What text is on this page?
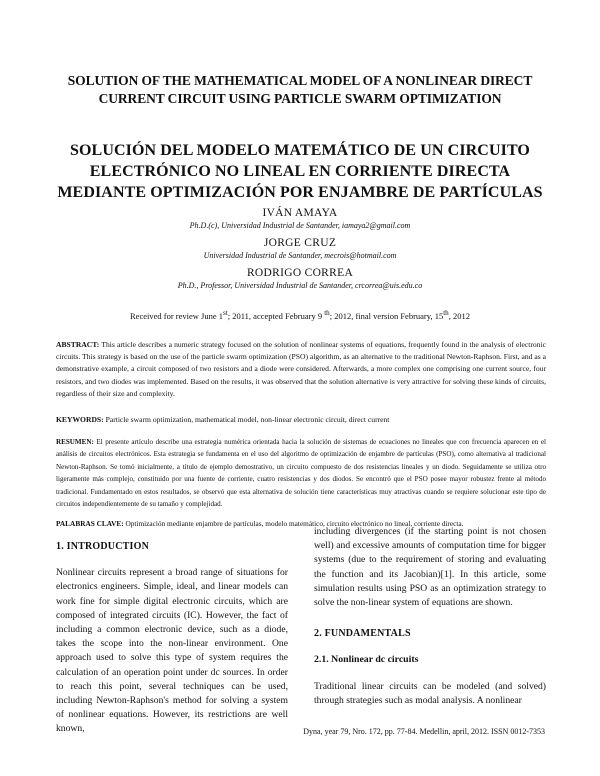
SOLUTION OF THE MATHEMATICAL MODEL OF A NONLINEAR DIRECT CURRENT CIRCUIT USING PARTICLE SWARM OPTIMIZATION
SOLUCIÓN DEL MODELO MATEMÁTICO DE UN CIRCUITO ELECTRÓNICO NO LINEAL EN CORRIENTE DIRECTA MEDIANTE OPTIMIZACIÓN POR ENJAMBRE DE PARTÍCULAS
IVÁN AMAYA
Ph.D.(c), Universidad Industrial de Santander, iamaya2@gmail.com
JORGE CRUZ
Universidad Industrial de Santander, mecrois@hotmail.com
RODRIGO CORREA
Ph.D., Professor, Universidad Industrial de Santander, crcorrea@uis.edu.co
Received for review June 1st; 2011, accepted February 9 $^{th}$; 2012, final version February, 15th, 2012
ABSTRACT: This article describes a numeric strategy focused on the solution of nonlinear systems of equations, frequently found in the analysis of electronic circuits. This strategy is based on the use of the particle swarm optimization (PSO) algorithm, as an alternative to the traditional Newton-Raphson. First, and as a demonstrative example, a circuit composed of two resistors and a diode were considered. Afterwards, a more complex one comprising one current source, four resistors, and two diodes was implemented. Based on the results, it was observed that the solution alternative is very attractive for solving these kinds of circuits, regardless of their size and complexity.
KEYWORDS: Particle swarm optimization, mathematical model, non-linear electronic circuit, direct current
RESUMEN: El presente artículo describe una estrategia numérica orientada hacia la solución de sistemas de ecuaciones no lineales que con frecuencia aparecen en el análisis de circuitos electrónicos. Esta estrategia se fundamenta en el uso del algoritmo de optimización de enjambre de partículas (PSO), como alternativa al tradicional Newton-Raphson. Se tomó inicialmente, a título de ejemplo demostrativo, un circuito compuesto de dos resistencias lineales y un diodo. Seguidamente se utiliza otro ligeramente más complejo, constituido por una fuente de corriente, cuatro resistencias y dos diodos. Se encontró que el PSO posee mayor robustez frente al método tradicional. Fundamentado en estos resultados, se observó que esta alternativa de solución tiene características muy atractivas cuando se requiere solucionar este tipo de circuitos independientemente de su tamaño y complejidad.
PALABRAS CLAVE: Optimización mediante enjambre de partículas, modelo matemático, circuito electrónico no lineal, corriente directa.

1. INTRODUCTION

Nonlinear circuits represent a broad range of situations for electronics engineers. Simple, ideal, and linear models can work fine for simple digital electronic circuits, which are composed of integrated circuits (IC). However, the fact of including a common electronic device, such as a diode, takes the scope into the non-linear environment. One approach used to solve this type of system requires the calculation of an operation point under dc sources. In order to reach this point, several techniques can be used, including Newton-Raphson's method for solving a system of nonlinear equations. However, its restrictions are well known,

including divergences (if the starting point is not chosen well) and excessive amounts of computation time for bigger systems (due to the requirement of storing and evaluating the function and its Jacobian)[1]. In this article, some simulation results using PSO as an optimization strategy to solve the non-linear system of equations are shown.

2. FUNDAMENTALS

2.1. Nonlinear dc circuits

Traditional linear circuits can be modeled (and solved) through strategies such as modal analysis. A nonlinear

Dyna, year 79, Nro. 172, pp. 77-84. Medellin, april, 2012. ISSN 0012-7353
